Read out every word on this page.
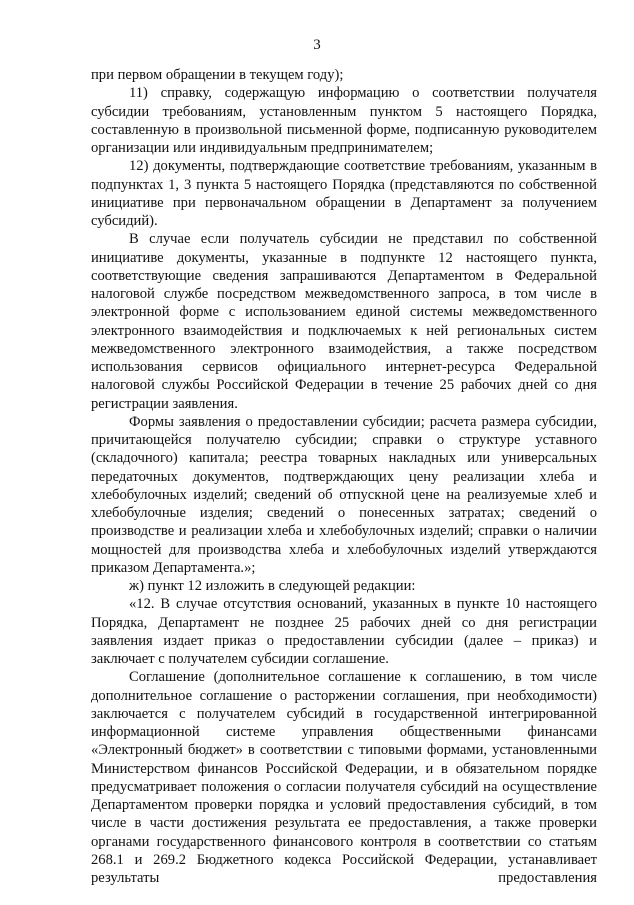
3

при первом обращении в текущем году);

11) справку, содержащую информацию о соответствии получателя субсидии требованиям, установленным пунктом 5 настоящего Порядка, составленную в произвольной письменной форме, подписанную руководителем организации или индивидуальным предпринимателем;

12) документы, подтверждающие соответствие требованиям, указанным в подпунктах 1, 3 пункта 5 настоящего Порядка (представляются по собственной инициативе при первоначальном обращении в Департамент за получением субсидий).

В случае если получатель субсидии не представил по собственной инициативе документы, указанные в подпункте 12 настоящего пункта, соответствующие сведения запрашиваются Департаментом в Федеральной налоговой службе посредством межведомственного запроса, в том числе в электронной форме с использованием единой системы межведомственного электронного взаимодействия и подключаемых к ней региональных систем межведомственного электронного взаимодействия, а также посредством использования сервисов официального интернет-ресурса Федеральной налоговой службы Российской Федерации в течение 25 рабочих дней со дня регистрации заявления.

Формы заявления о предоставлении субсидии; расчета размера субсидии, причитающейся получателю субсидии; справки о структуре уставного (складочного) капитала; реестра товарных накладных или универсальных передаточных документов, подтверждающих цену реализации хлеба и хлебобулочных изделий; сведений об отпускной цене на реализуемые хлеб и хлебобулочные изделия; сведений о понесенных затратах; сведений о производстве и реализации хлеба и хлебобулочных изделий; справки о наличии мощностей для производства хлеба и хлебобулочных изделий утверждаются приказом Департамента.»;

ж) пункт 12 изложить в следующей редакции:

«12. В случае отсутствия оснований, указанных в пункте 10 настоящего Порядка, Департамент не позднее 25 рабочих дней со дня регистрации заявления издает приказ о предоставлении субсидии (далее – приказ) и заключает с получателем субсидии соглашение.

Соглашение (дополнительное соглашение к соглашению, в том числе дополнительное соглашение о расторжении соглашения, при необходимости) заключается с получателем субсидий в государственной интегрированной информационной системе управления общественными финансами «Электронный бюджет» в соответствии с типовыми формами, установленными Министерством финансов Российской Федерации, и в обязательном порядке предусматривает положения о согласии получателя субсидий на осуществление Департаментом проверки порядка и условий предоставления субсидий, в том числе в части достижения результата ее предоставления, а также проверки органами государственного финансового контроля в соответствии со статьям 268.1 и 269.2 Бюджетного кодекса Российской Федерации, устанавливает результаты предоставления
